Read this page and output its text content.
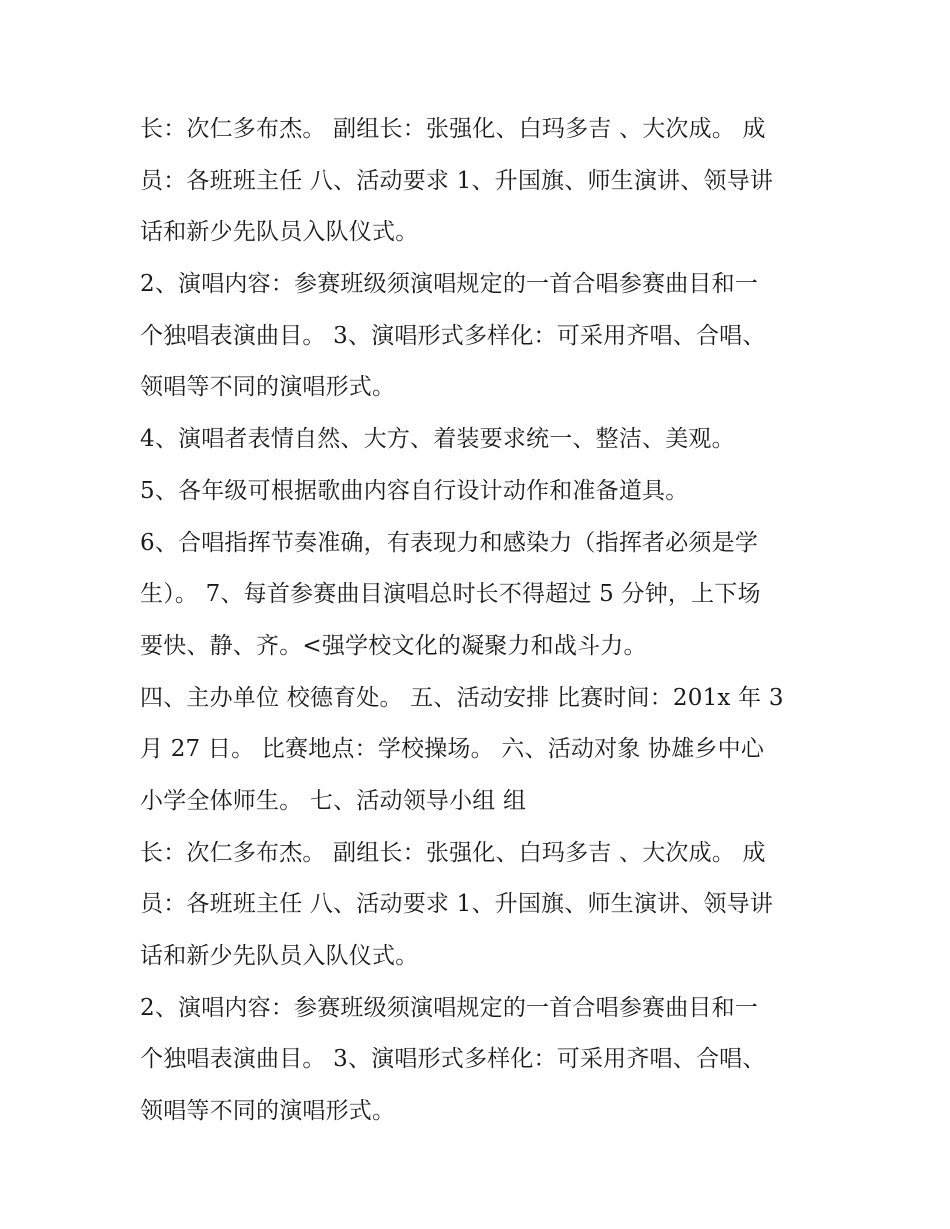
长：次仁多布杰。 副组长：张强化、白玛多吉 、大次成。 成
员：各班班主任 八、活动要求 1、升国旗、师生演讲、领导讲
话和新少先队员入队仪式。
2、演唱内容：参赛班级须演唱规定的一首合唱参赛曲目和一
个独唱表演曲目。 3、演唱形式多样化：可采用齐唱、合唱、
领唱等不同的演唱形式。
4、演唱者表情自然、大方、着装要求统一、整洁、美观。
5、各年级可根据歌曲内容自行设计动作和准备道具。
6、合唱指挥节奏准确，有表现力和感染力（指挥者必须是学
生）。 7、每首参赛曲目演唱总时长不得超过 5 分钟，上下场
要快、静、齐。<强学校文化的凝聚力和战斗力。
四、主办单位 校德育处。 五、活动安排 比赛时间：201x 年 3
月 27 日。 比赛地点：学校操场。 六、活动对象 协雄乡中心
小学全体师生。 七、活动领导小组 组
长：次仁多布杰。 副组长：张强化、白玛多吉 、大次成。 成
员：各班班主任 八、活动要求 1、升国旗、师生演讲、领导讲
话和新少先队员入队仪式。
2、演唱内容：参赛班级须演唱规定的一首合唱参赛曲目和一
个独唱表演曲目。 3、演唱形式多样化：可采用齐唱、合唱、
领唱等不同的演唱形式。
